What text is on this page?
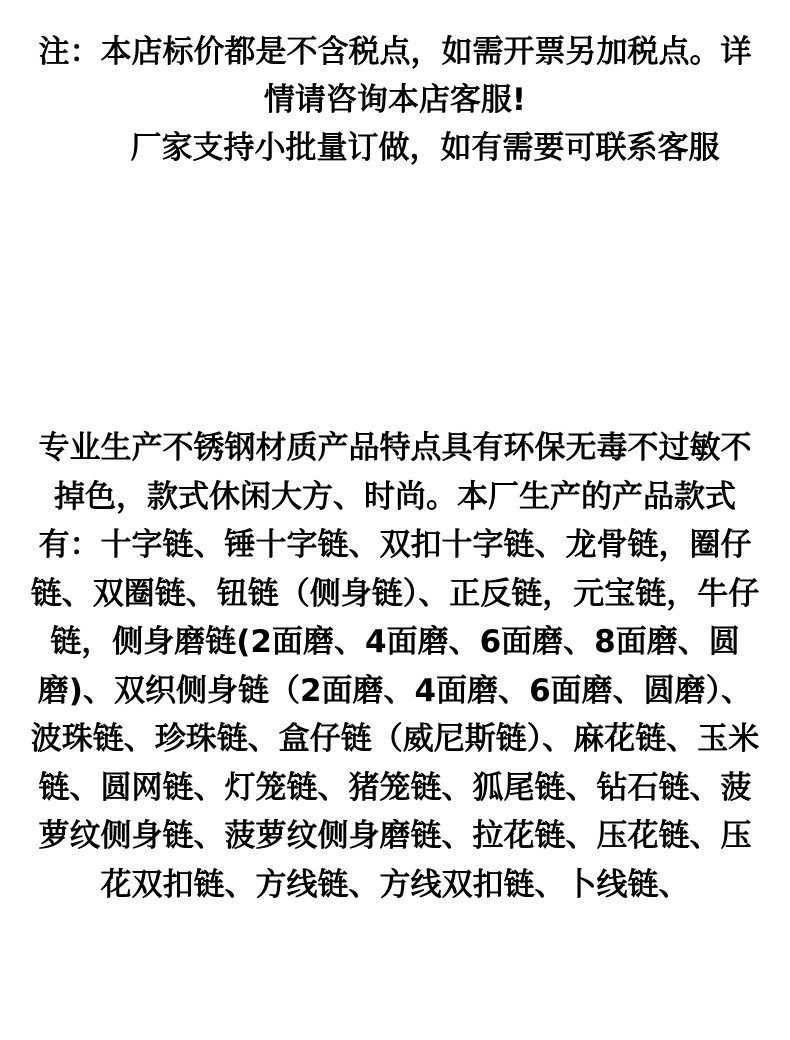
注：本店标价都是不含税点，如需开票另加税点。详情请咨询本店客服!

厂家支持小批量订做，如有需要可联系客服

专业生产不锈钢材质产品特点具有环保无毒不过敏不掉色，款式休闲大方、时尚。本厂生产的产品款式有：十字链、锤十字链、双扣十字链、龙骨链，圈仔链、双圈链、钮链（侧身链）、正反链，元宝链，牛仔链，侧身磨链(2面磨、4面磨、6面磨、8面磨、圆磨)、双织侧身链（2面磨、4面磨、6面磨、圆磨）、波珠链、珍珠链、盒仔链（威尼斯链）、麻花链、玉米链、圆网链、灯笼链、猪笼链、狐尾链、钻石链、菠萝纹侧身链、菠萝纹侧身磨链、拉花链、压花链、压花双扣链、方线链、方线双扣链、卜线链、
